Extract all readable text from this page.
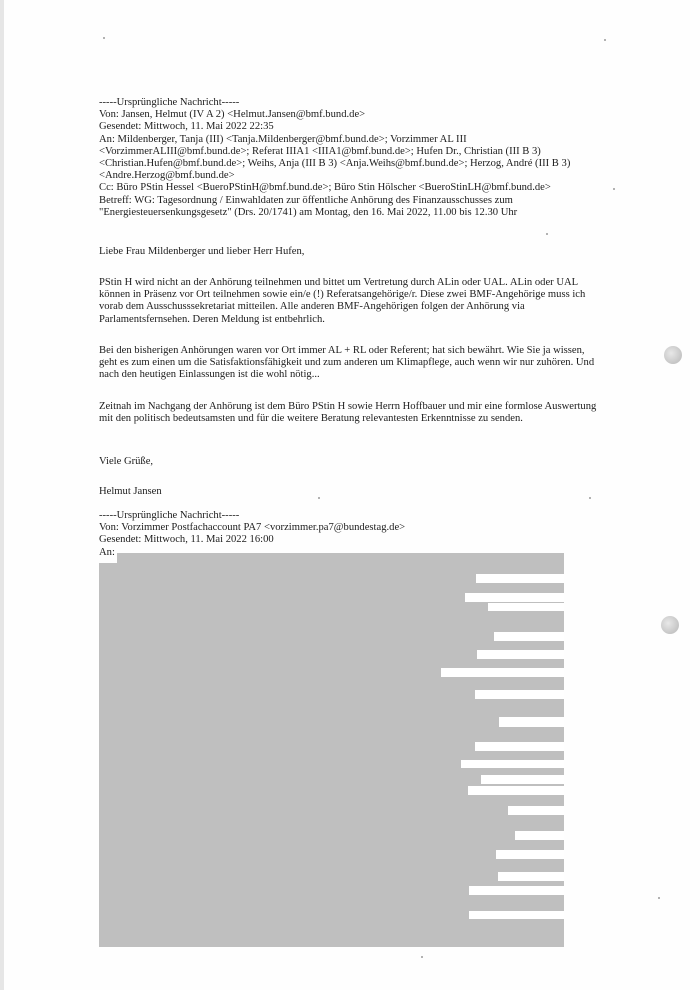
-----Ursprüngliche Nachricht-----
Von: Jansen, Helmut (IV A 2) <Helmut.Jansen@bmf.bund.de>
Gesendet: Mittwoch, 11. Mai 2022 22:35
An: Mildenberger, Tanja (III) <Tanja.Mildenberger@bmf.bund.de>; Vorzimmer AL III
<VorzimmerALIII@bmf.bund.de>; Referat IIIA1 <IIIA1@bmf.bund.de>; Hufen Dr., Christian (III B 3)
<Christian.Hufen@bmf.bund.de>; Weihs, Anja (III B 3) <Anja.Weihs@bmf.bund.de>; Herzog, André (III B 3)
<Andre.Herzog@bmf.bund.de>
Cc: Büro PStin Hessel <BueroPStinH@bmf.bund.de>; Büro Stin Hölscher <BueroStinLH@bmf.bund.de>
Betreff: WG: Tagesordnung / Einwahldaten zur öffentliche Anhörung des Finanzausschusses zum
"Energiesteuersenkungsgesetz" (Drs. 20/1741) am Montag, den 16. Mai 2022, 11.00 bis 12.30 Uhr
Liebe Frau Mildenberger und lieber Herr Hufen,
PStin H wird nicht an der Anhörung teilnehmen und bittet um Vertretung durch ALin oder UAL. ALin oder UAL können in Präsenz vor Ort teilnehmen sowie ein/e (!) Referatsangehörige/r. Diese zwei BMF-Angehörige muss ich vorab dem Ausschusssekretariat mitteilen. Alle anderen BMF-Angehörigen folgen der Anhörung via Parlamentsfernsehen. Deren Meldung ist entbehrlich.
Bei den bisherigen Anhörungen waren vor Ort immer AL + RL oder Referent; hat sich bewährt. Wie Sie ja wissen, geht es zum einen um die Satisfaktionsfähigkeit und zum anderen um Klimapflege, auch wenn wir nur zuhören. Und nach den heutigen Einlassungen ist die wohl nötig...
Zeitnah im Nachgang der Anhörung ist dem Büro PStin H sowie Herrn Hoffbauer und mir eine formlose Auswertung mit den politisch bedeutsamsten und für die weitere Beratung relevantesten Erkenntnisse zu senden.
Viele Grüße,
Helmut Jansen
-----Ursprüngliche Nachricht-----
Von: Vorzimmer Postfachaccount PA7 <vorzimmer.pa7@bundestag.de>
Gesendet: Mittwoch, 11. Mai 2022 16:00
An:
